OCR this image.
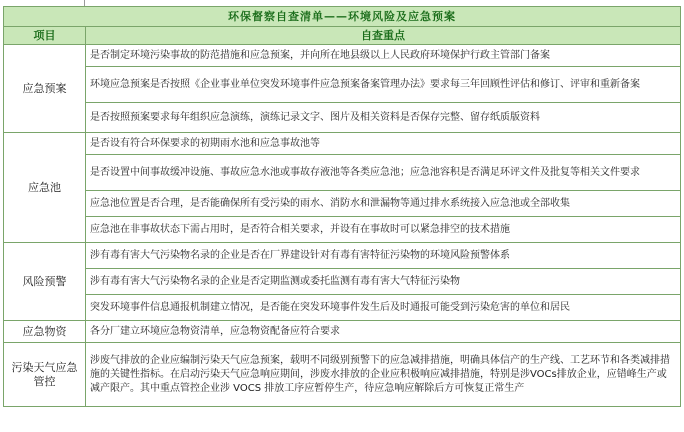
环保督察自查清单——环境风险及应急预案	
项目	自查重点
应急预案	是否制定环境污染事故的防范措施和应急预案，并向所在地县级以上人民政府环境保护行政主管部门备案
	环境应急预案是否按照《企业事业单位突发环境事件应急预案备案管理办法》要求每三年回顾性评估和修订、评审和重新备案
	是否按照预案要求每年组织应急演练，演练记录文字、图片及相关资料是否保存完整、留存纸质版资料
应急池	是否设有符合环保要求的初期雨水池和应急事故池等
	是否设置中间事故缓冲设施、事故应急水池或事故存液池等各类应急池；应急池容积是否满足环评文件及批复等相关文件要求
	应急池位置是否合理，是否能确保所有受污染的雨水、消防水和泄漏物等通过排水系统接入应急池或全部收集
	应急池在非事故状态下需占用时，是否符合相关要求，并设有在事故时可以紧急排空的技术措施
风险预警	涉有毒有害大气污染物名录的企业是否在厂界建设针对有毒有害特征污染物的环境风险预警体系
	涉有毒有害大气污染物名录的企业是否定期监测或委托监测有毒有害大气特征污染物
	突发环境事件信息通报机制建立情况，是否能在突发环境事件发生后及时通报可能受到污染危害的单位和居民
应急物资	各分厂建立环境应急物资清单，应急物资配备应符合要求
污染天气应急管控	涉废气排放的企业应编制污染天气应急预案，载明不同级别预警下的应急减排措施，明确具体信产的生产线、工艺环节和各类减排措施的关键性指标。在启动污染天气应急响应期间，涉废水排放的企业应积极响应减排措施，特别是涉VOCs排放企业，应错峰生产或减产限产。其中重点管控企业涉 VOCS 排放工序应暂停生产，待应急响应解除后方可恢复正常生产
